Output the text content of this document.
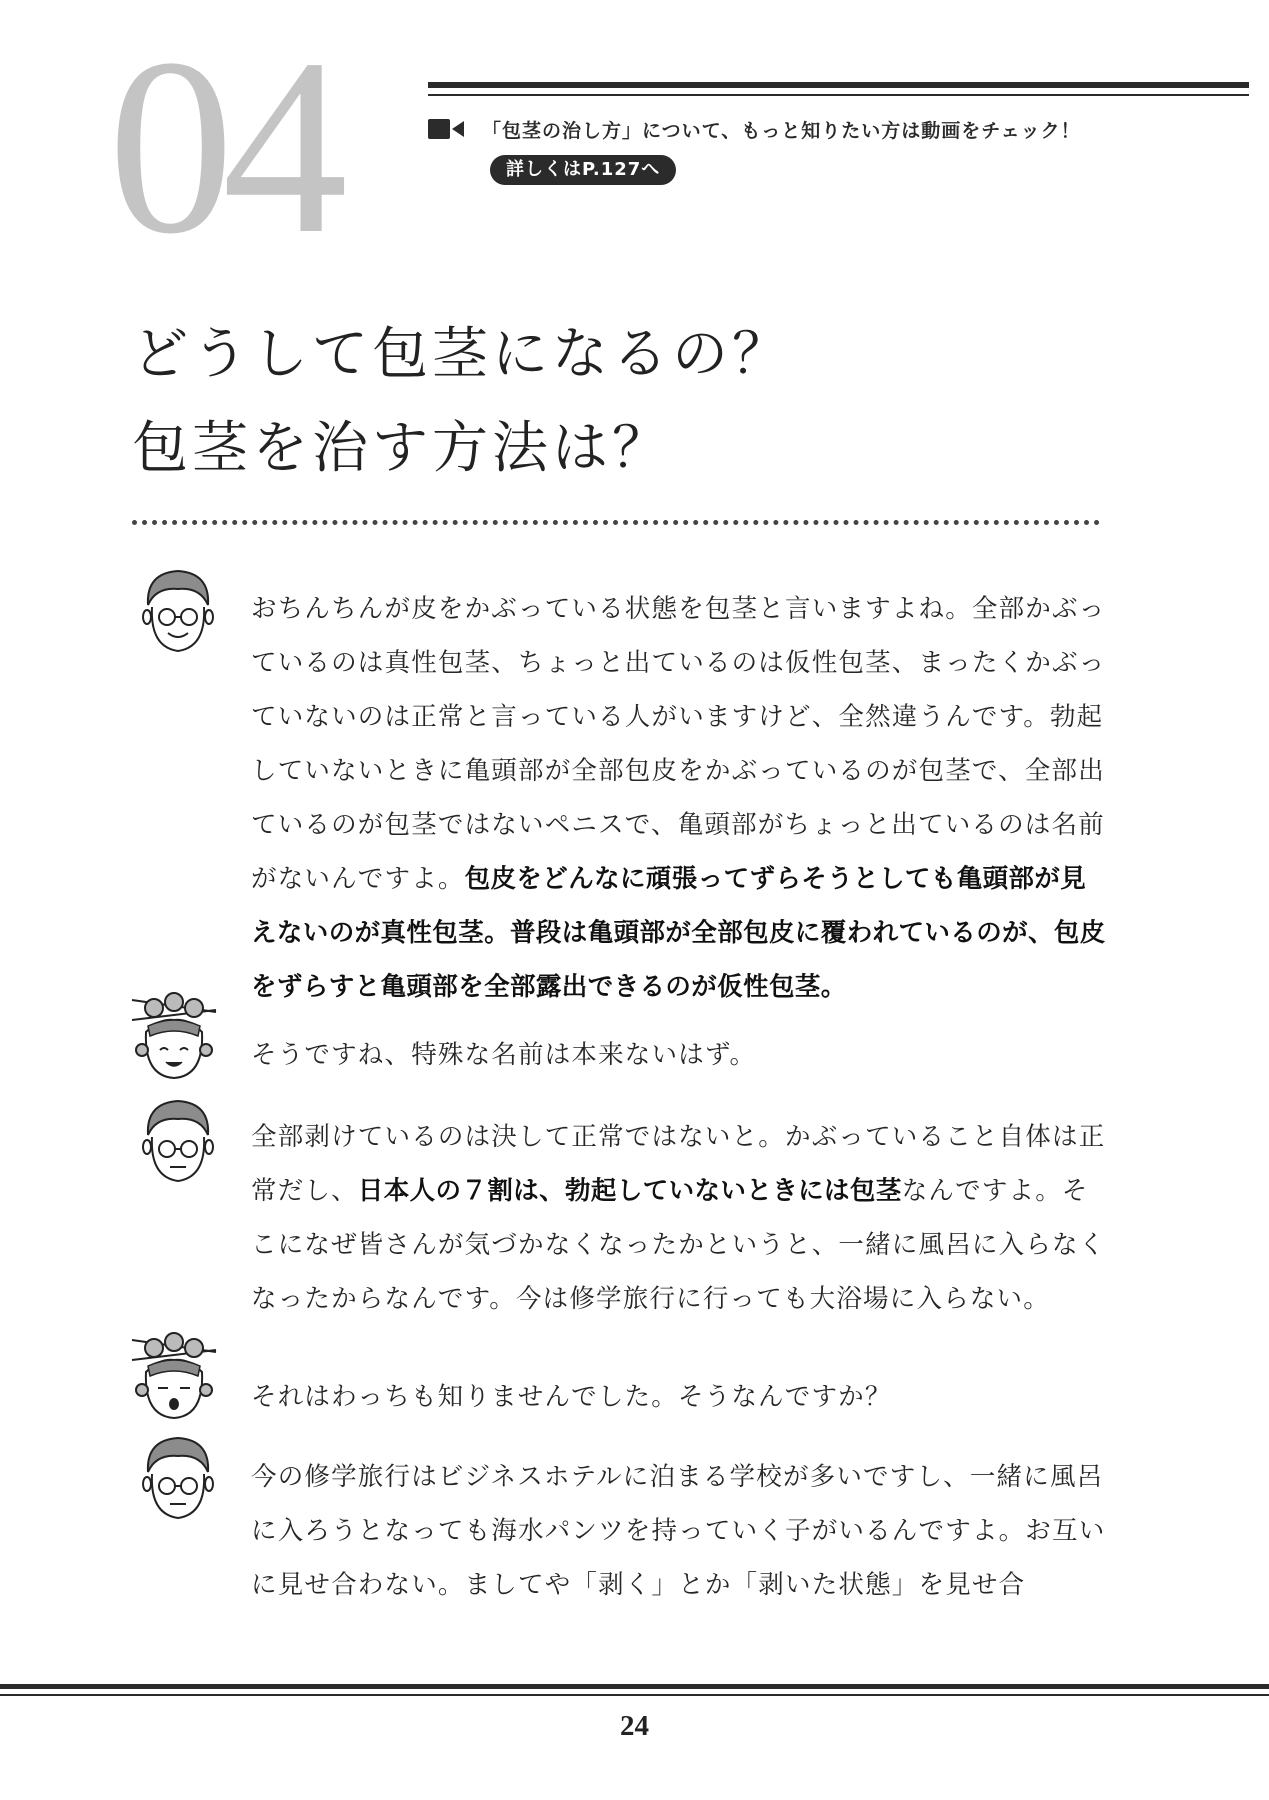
04	「包茎の治し方」について、もっと知りたい方は動画をチェック！
詳しくはP.127へ
どうして包茎になるの？
包茎を治す方法は？
おちんちんが皮をかぶっている状態を包茎と言いますよね。全部かぶっているのは真性包茎、ちょっと出ているのは仮性包茎、まったくかぶっていないのは正常と言っている人がいますけど、全然違うんです。勃起していないときに亀頭部が全部包皮をかぶっているのが包茎で、全部出ているのが包茎ではないペニスで、亀頭部がちょっと出ているのは名前がないんですよ。包皮をどんなに頑張ってずらそうとしても亀頭部が見えないのが真性包茎。普段は亀頭部が全部包皮に覆われているのが、包皮をずらすと亀頭部を全部露出できるのが仮性包茎。
そうですね、特殊な名前は本来ないはず。
全部剥けているのは決して正常ではないと。かぶっていること自体は正常だし、日本人の７割は、勃起していないときには包茎なんですよ。そこになぜ皆さんが気づかなくなったかというと、一緒に風呂に入らなくなったからなんです。今は修学旅行に行っても大浴場に入らない。
それはわっちも知りませんでした。そうなんですか？
今の修学旅行はビジネスホテルに泊まる学校が多いですし、一緒に風呂に入ろうとなっても海水パンツを持っていく子がいるんですよ。お互いに見せ合わない。ましてや「剥く」とか「剥いた状態」を見せ合
24
